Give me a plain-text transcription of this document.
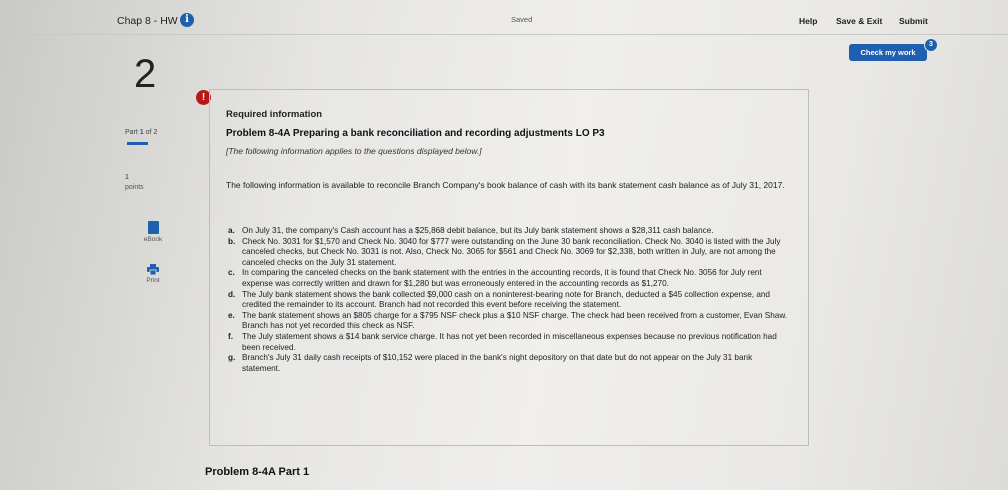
Chap 8 - HW i	Saved	Help Save & Exit Submit
Check my work
3
2
Part 1 of 2
1
points
eBook
Print
!
Required information
Problem 8-4A Preparing a bank reconciliation and recording adjustments LO P3
[The following information applies to the questions displayed below.]
The following information is available to reconcile Branch Company's book balance of cash with its bank statement cash balance as of July 31, 2017.
a. On July 31, the company's Cash account has a $25,868 debit balance, but its July bank statement shows a $28,311 cash balance.
b. Check No. 3031 for $1,570 and Check No. 3040 for $777 were outstanding on the June 30 bank reconciliation. Check No. 3040 is listed with the July canceled checks, but Check No. 3031 is not. Also, Check No. 3065 for $561 and Check No. 3069 for $2,338, both written in July, are not among the canceled checks on the July 31 statement.
c. In comparing the canceled checks on the bank statement with the entries in the accounting records, it is found that Check No. 3056 for July rent expense was correctly written and drawn for $1,280 but was erroneously entered in the accounting records as $1,270.
d. The July bank statement shows the bank collected $9,000 cash on a noninterest-bearing note for Branch, deducted a $45 collection expense, and credited the remainder to its account. Branch had not recorded this event before receiving the statement.
e. The bank statement shows an $805 charge for a $795 NSF check plus a $10 NSF charge. The check had been received from a customer, Evan Shaw. Branch has not yet recorded this check as NSF.
f. The July statement shows a $14 bank service charge. It has not yet been recorded in miscellaneous expenses because no previous notification had been received.
g. Branch's July 31 daily cash receipts of $10,152 were placed in the bank's night depository on that date but do not appear on the July 31 bank statement.
Problem 8-4A Part 1
